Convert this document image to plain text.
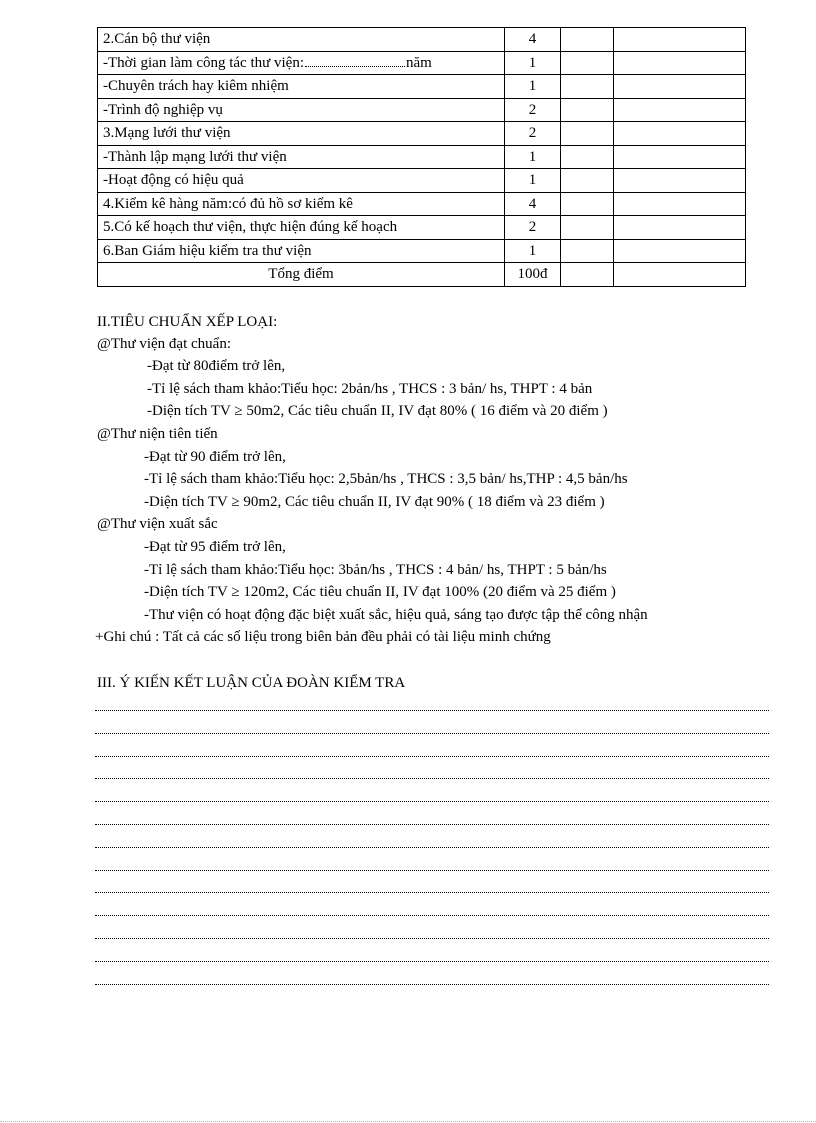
2.Cán bộ thư viện	4		
-Thời gian làm công tác thư viện: năm	1		
-Chuyên trách hay kiêm nhiệm	1		
-Trình độ nghiệp vụ	2		
3.Mạng lưới thư viện	2		
-Thành lập mạng lưới thư viện	1		
-Hoạt động có hiệu quả	1		
4.Kiểm kê hàng năm:có đủ hồ sơ kiểm kê	4		
5.Có kế hoạch thư viện, thực hiện đúng kế hoạch	2		
6.Ban Giám hiệu kiểm tra thư viện	1		
Tổng điểm	100đ		
II.TIÊU CHUẨN XẾP LOẠI:
@Thư viện đạt chuẩn:
-Đạt từ 80điểm trở lên,
-Tỉ lệ sách tham khảo:Tiểu học: 2bản/hs , THCS : 3 bản/ hs, THPT : 4 bản
-Diện tích TV ≥ 50m2, Các tiêu chuẩn II, IV đạt 80% ( 16 điểm và 20 điểm )
@Thư niện tiên tiến
-Đạt từ 90 điểm trở lên,
-Tỉ lệ sách tham khảo:Tiểu học: 2,5bản/hs , THCS : 3,5 bản/ hs,THP : 4,5 bản/hs
-Diện tích TV ≥ 90m2, Các tiêu chuẩn II, IV đạt 90% ( 18 điểm và 23 điểm )
@Thư viện xuất sắc
-Đạt từ 95 điểm trở lên,
-Tỉ lệ sách tham khảo:Tiểu học: 3bản/hs , THCS : 4 bản/ hs, THPT : 5 bản/hs
-Diện tích TV ≥ 120m2, Các tiêu chuẩn II, IV đạt 100% (20 điểm và 25 điểm )
-Thư viện có hoạt động đặc biệt xuất sắc, hiệu quả, sáng tạo được tập thể công nhận
+Ghi chú : Tất cả các số liệu trong biên bản đều phải có tài liệu minh chứng
III. Ý KIẾN KẾT LUẬN CỦA ĐOÀN KIỂM TRA
